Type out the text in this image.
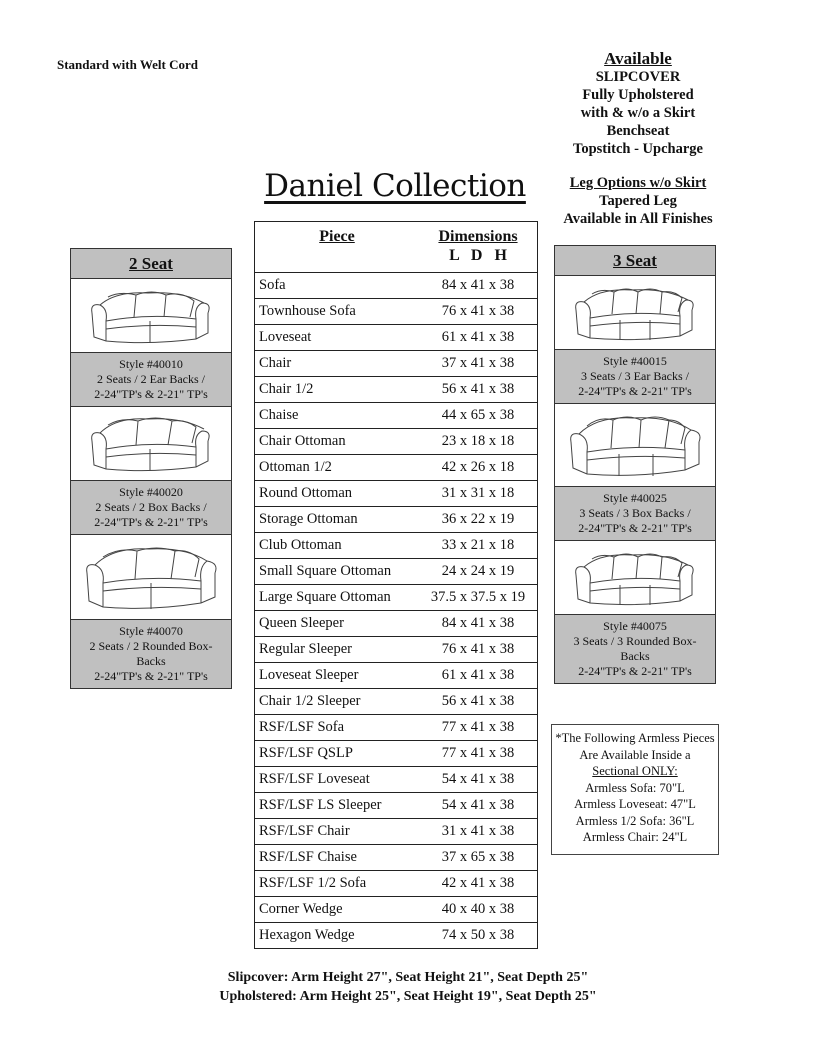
Standard with Welt Cord	Available
SLIPCOVER
Fully Upholstered
with & w/o a Skirt
Benchseat
Topstitch - Upcharge
Leg Options w/o Skirt
Tapered Leg
Available in All Finishes
Daniel Collection
2 Seat
Style #40010
2 Seats / 2 Ear Backs /
2-24"TP's & 2-21" TP's
Style #40020
2 Seats / 2 Box Backs /
2-24"TP's & 2-21" TP's
Style #40070
2 Seats / 2 Rounded Box-
Backs
2-24"TP's & 2-21" TP's
3 Seat
Style #40015
3 Seats / 3 Ear Backs /
2-24"TP's & 2-21" TP's
Style #40025
3 Seats / 3 Box Backs /
2-24"TP's & 2-21" TP's
Style #40075
3 Seats / 3 Rounded Box-
Backs
2-24"TP's & 2-21" TP's
Piece	Dimensions
L D H

Sofa	84 x 41 x 38
Townhouse Sofa	76 x 41 x 38
Loveseat	61 x 41 x 38
Chair	37 x 41 x 38
Chair 1/2	56 x 41 x 38
Chaise	44 x 65 x 38
Chair Ottoman	23 x 18 x 18
Ottoman 1/2	42 x 26 x 18
Round Ottoman	31 x 31 x 18
Storage Ottoman	36 x 22 x 19
Club Ottoman	33 x 21 x 18
Small Square Ottoman	24 x 24 x 19
Large Square Ottoman	37.5 x 37.5 x 19
Queen Sleeper	84 x 41 x 38
Regular Sleeper	76 x 41 x 38
Loveseat Sleeper	61 x 41 x 38
Chair 1/2 Sleeper	56 x 41 x 38
RSF/LSF Sofa	77 x 41 x 38
RSF/LSF QSLP	77 x 41 x 38
RSF/LSF Loveseat	54 x 41 x 38
RSF/LSF LS Sleeper	54 x 41 x 38
RSF/LSF Chair	31 x 41 x 38
RSF/LSF Chaise	37 x 65 x 38
RSF/LSF 1/2 Sofa	42 x 41 x 38
Corner Wedge	40 x 40 x 38
Hexagon Wedge	74 x 50 x 38
*The Following Armless Pieces
Are Available Inside a
Sectional ONLY:
Armless Sofa: 70"L
Armless Loveseat: 47"L
Armless 1/2 Sofa: 36"L
Armless Chair: 24"L
Slipcover: Arm Height 27", Seat Height 21", Seat Depth 25"
Upholstered: Arm Height 25", Seat Height 19", Seat Depth 25"
